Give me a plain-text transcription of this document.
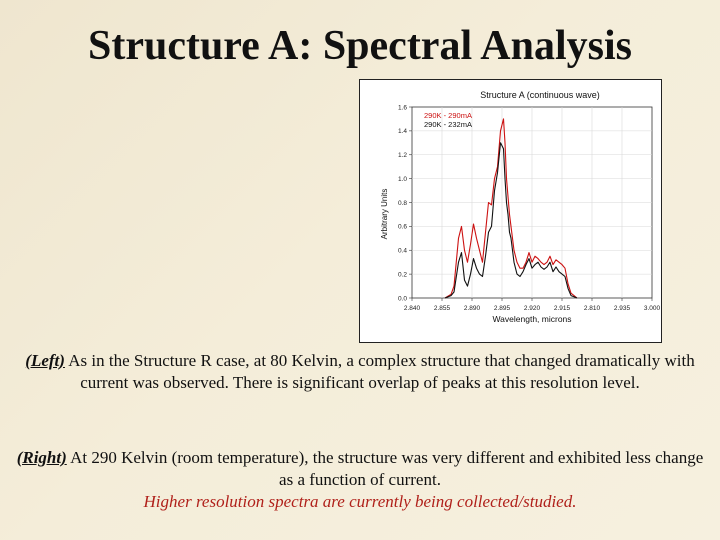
Structure A: Spectral Analysis
Structure A (continuous wave)
2.840 2.855 2.890 2.895 2.920 2.915 2.810 2.935 3.000
0.0
0.2
0.4
0.6
0.8
1.0
1.2
1.4
1.6
290K - 290mA
290K - 232mA
Wavelength, microns
Arbitrary Units
(Left) As in the Structure R case, at 80 Kelvin, a complex structure that changed dramatically with current was observed. There is significant overlap of peaks at this resolution level.
(Right) At 290 Kelvin (room temperature), the structure was very different and exhibited less change as a function of current.
Higher resolution spectra are currently being collected/studied.
